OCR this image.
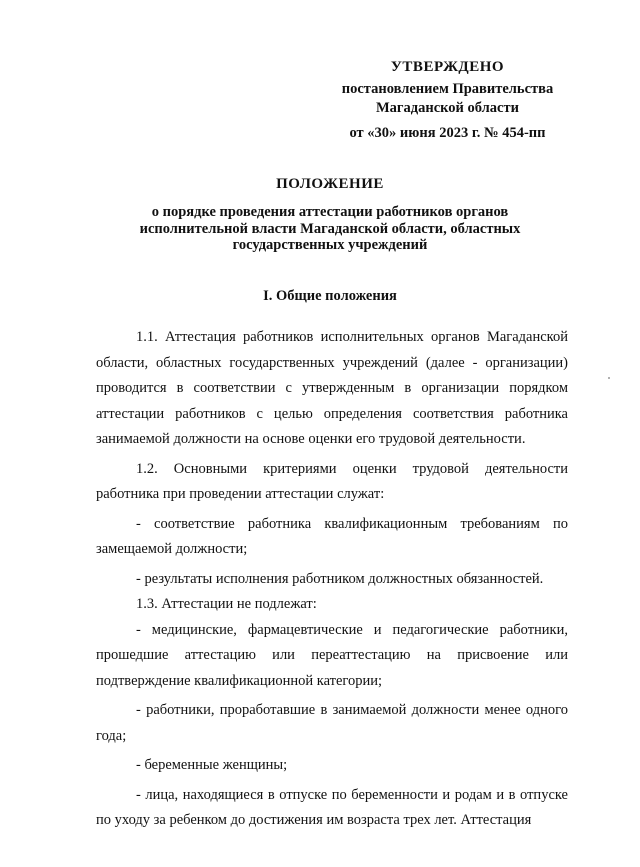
УТВЕРЖДЕНО
постановлением Правительства
Магаданской области
от «30» июня 2023 г. № 454-пп
ПОЛОЖЕНИЕ
о порядке проведения аттестации работников органов исполнительной власти Магаданской области, областных государственных учреждений
I. Общие положения

1.1. Аттестация работников исполнительных органов Магаданской области, областных государственных учреждений (далее - организации) проводится в соответствии с утвержденным в организации порядком аттестации работников с целью определения соответствия работника занимаемой должности на основе оценки его трудовой деятельности.

1.2. Основными критериями оценки трудовой деятельности работника при проведении аттестации служат:

- соответствие работника квалификационным требованиям по замещаемой должности;

- результаты исполнения работником должностных обязанностей.

1.3. Аттестации не подлежат:

- медицинские, фармацевтические и педагогические работники, прошедшие аттестацию или переаттестацию на присвоение или подтверждение квалификационной категории;

- работники, проработавшие в занимаемой должности менее одного года;

- беременные женщины;

- лица, находящиеся в отпуске по беременности и родам и в отпуске по уходу за ребенком до достижения им возраста трех лет. Аттестация
